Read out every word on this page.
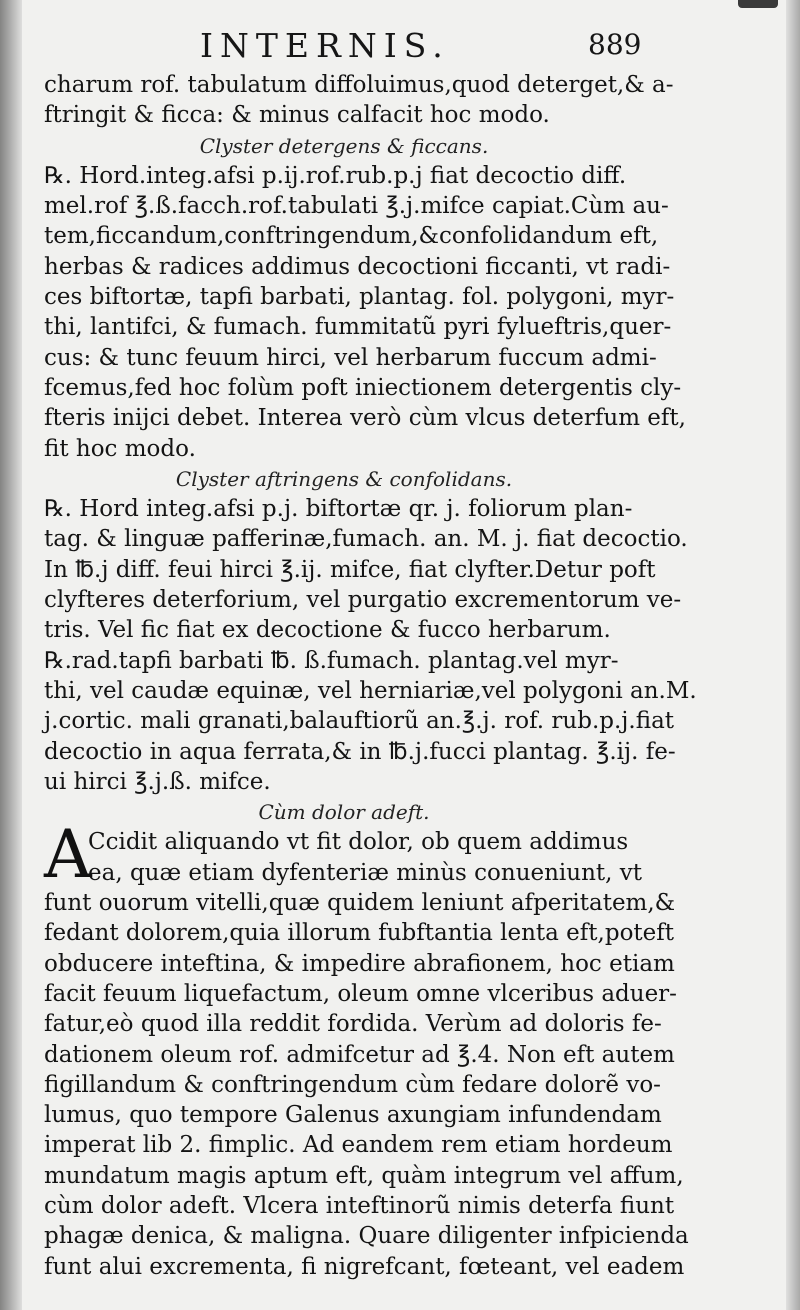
INTERNIS.	889
charum rof. tabulatum diffoluimus,quod deterget,& a-
ftringit & ficca: & minus calfacit hoc modo.
Clyster detergens & ficcans.
℞. Hord.integ.afsi p.ij.rof.rub.p.j fiat decoctio diff.
mel.rof ℥.ß.facch.rof.tabulati ℥.j.mifce capiat.Cùm au-
tem,ficcandum,conftringendum,&confolidandum eft,
herbas & radices addimus decoctioni ficcanti, vt radi-
ces biftortæ, tapfi barbati, plantag. fol. polygoni, myr-
thi, lantifci, & fumach. fummitatũ pyri fylueftris,quer-
cus: & tunc feuum hirci, vel herbarum fuccum admi-
fcemus,fed hoc folùm poft iniectionem detergentis cly-
fteris inijci debet. Interea verò cùm vlcus deterfum eft,
fit hoc modo.
Clyster aftringens & confolidans.
℞. Hord integ.afsi p.j. biftortæ qr. j. foliorum plan-
tag. & linguæ pafferinæ,fumach. an. M. j. fiat decoctio.
In ℔.j diff. feui hirci ℥.ij. mifce, fiat clyfter.Detur poft
clyfteres deterforium, vel purgatio excrementorum ve-
tris. Vel fic fiat ex decoctione & fucco herbarum.
℞.rad.tapfi barbati ℔. ß.fumach. plantag.vel myr-
thi, vel caudæ equinæ, vel herniariæ,vel polygoni an.M.
j.cortic. mali granati,balauftiorũ an.℥.j. rof. rub.p.j.fiat
decoctio in aqua ferrata,& in ℔.j.fucci plantag. ℥.ij. fe-
ui hirci ℥.j.ß. mifce.
Cùm dolor adeft.
A
Ccidit aliquando vt fit dolor, ob quem addimus
ea, quæ etiam dyfenteriæ minùs conueniunt, vt
funt ouorum vitelli,quæ quidem leniunt afperitatem,&
fedant dolorem,quia illorum fubftantia lenta eft,poteft
obducere inteftina, & impedire abrafionem, hoc etiam
facit feuum liquefactum, oleum omne vlceribus aduer-
fatur,eò quod illa reddit fordida. Verùm ad doloris fe-
dationem oleum rof. admifcetur ad ℥.4. Non eft autem
figillandum & conftringendum cùm fedare dolorẽ vo-
lumus, quo tempore Galenus axungiam infundendam
imperat lib 2. fimplic. Ad eandem rem etiam hordeum
mundatum magis aptum eft, quàm integrum vel affum,
cùm dolor adeft. Vlcera inteftinorũ nimis deterfa fiunt
phagæ denica, & maligna. Quare diligenter infpicienda
funt alui excrementa, fi nigrefcant, fœteant, vel eadem
